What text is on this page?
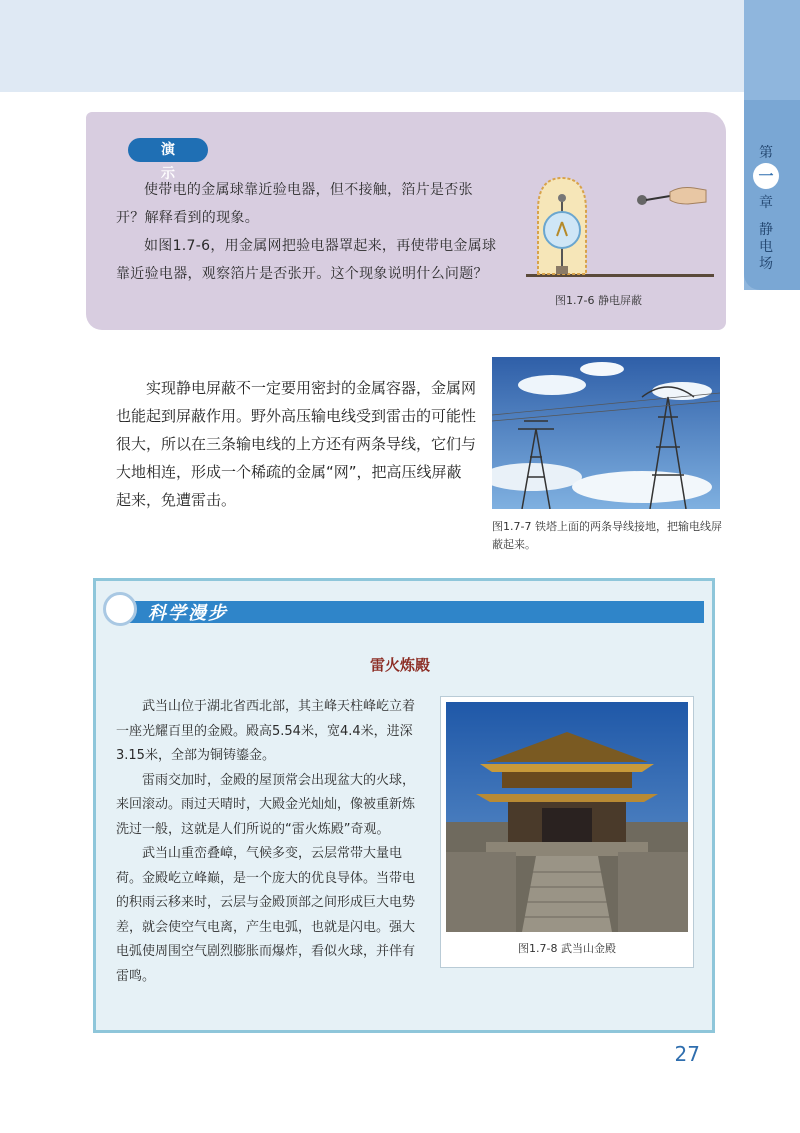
第
一
章
静电场
演 示

使带电的金属球靠近验电器，但不接触，箔片是否张开？解释看到的现象。

如图1.7-6，用金属网把验电器罩起来，再使带电金属球靠近验电器，观察箔片是否张开。这个现象说明什么问题？

图1.7-6 静电屏蔽

实现静电屏蔽不一定要用密封的金属容器，金属网也能起到屏蔽作用。野外高压输电线受到雷击的可能性很大，所以在三条输电线的上方还有两条导线，它们与大地相连，形成一个稀疏的金属“网”，把高压线屏蔽起来，免遭雷击。

图1.7-7 铁塔上面的两条导线接地，把输电线屏蔽起来。
科学漫步
雷火炼殿

武当山位于湖北省西北部，其主峰天柱峰屹立着一座光耀百里的金殿。殿高5.54米，宽4.4米，进深3.15米，全部为铜铸鎏金。

雷雨交加时，金殿的屋顶常会出现盆大的火球，来回滚动。雨过天晴时，大殿金光灿灿，像被重新炼洗过一般，这就是人们所说的“雷火炼殿”奇观。

武当山重峦叠嶂，气候多变，云层常带大量电荷。金殿屹立峰巅，是一个庞大的优良导体。当带电的积雨云移来时，云层与金殿顶部之间形成巨大电势差，就会使空气电离，产生电弧，也就是闪电。强大电弧使周围空气剧烈膨胀而爆炸，看似火球，并伴有雷鸣。

图1.7-8 武当山金殿
27
